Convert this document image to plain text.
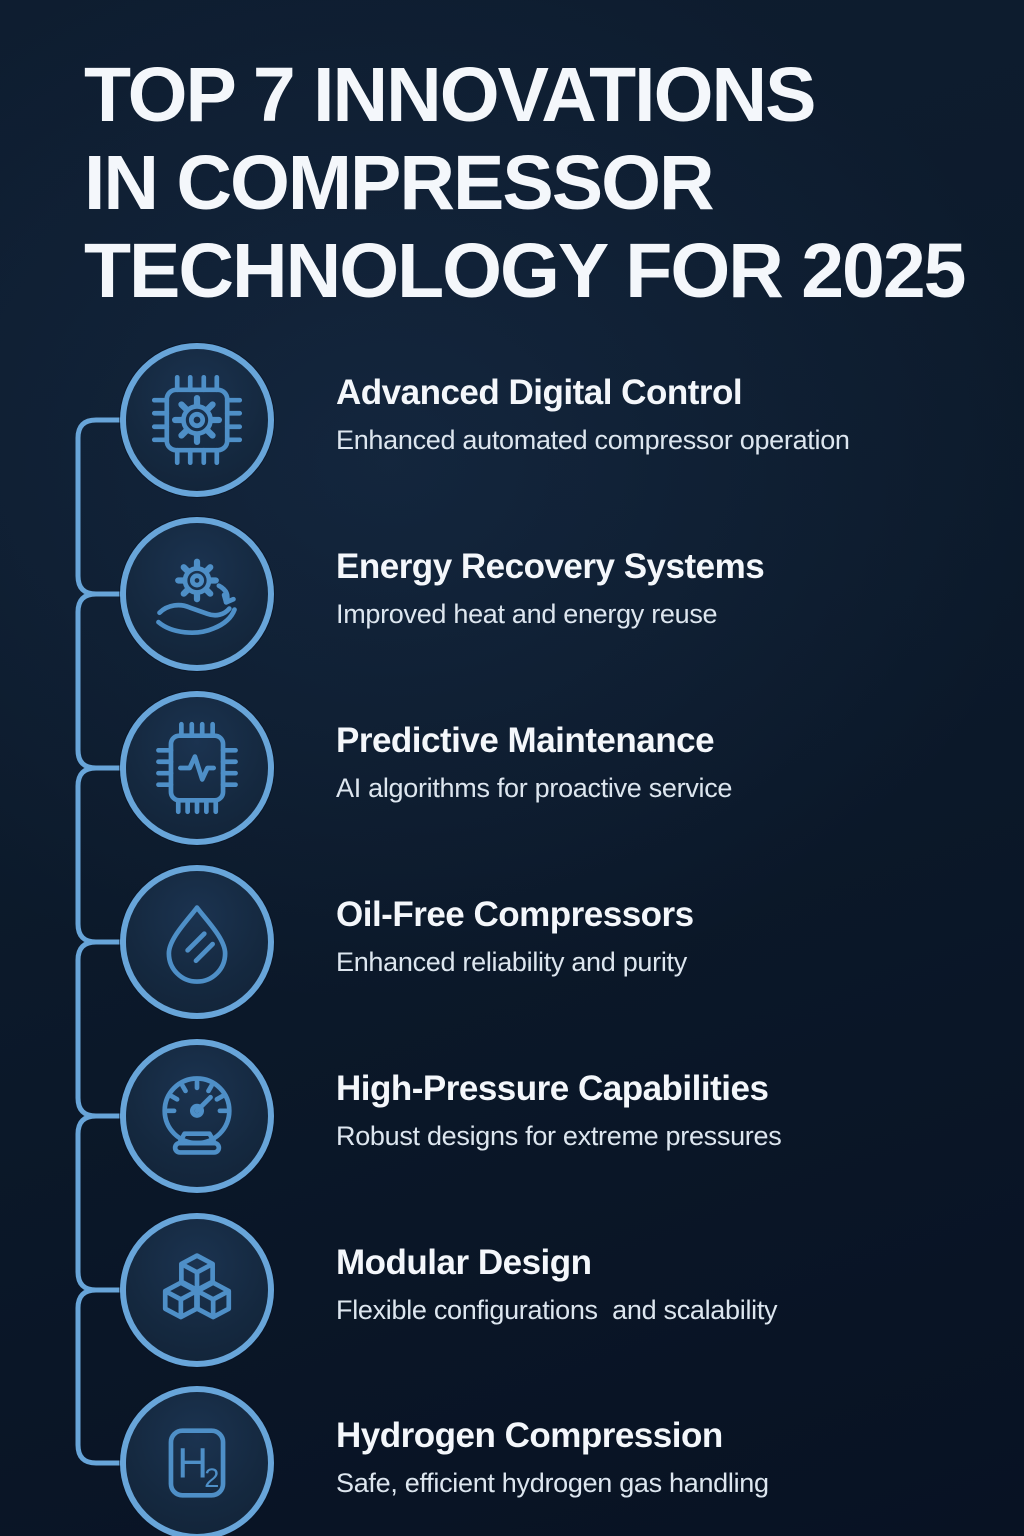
TOP 7 INNOVATIONS
IN COMPRESSOR
TECHNOLOGY FOR 2025
Advanced Digital Control
Enhanced automated compressor operation
Energy Recovery Systems
Improved heat and energy reuse
Predictive Maintenance
AI algorithms for proactive service
Oil-Free Compressors
Enhanced reliability and purity
High-Pressure Capabilities
Robust designs for extreme pressures
Modular Design
Flexible configurations  and scalability
H
2
Hydrogen Compression
Safe, efficient hydrogen gas handling
